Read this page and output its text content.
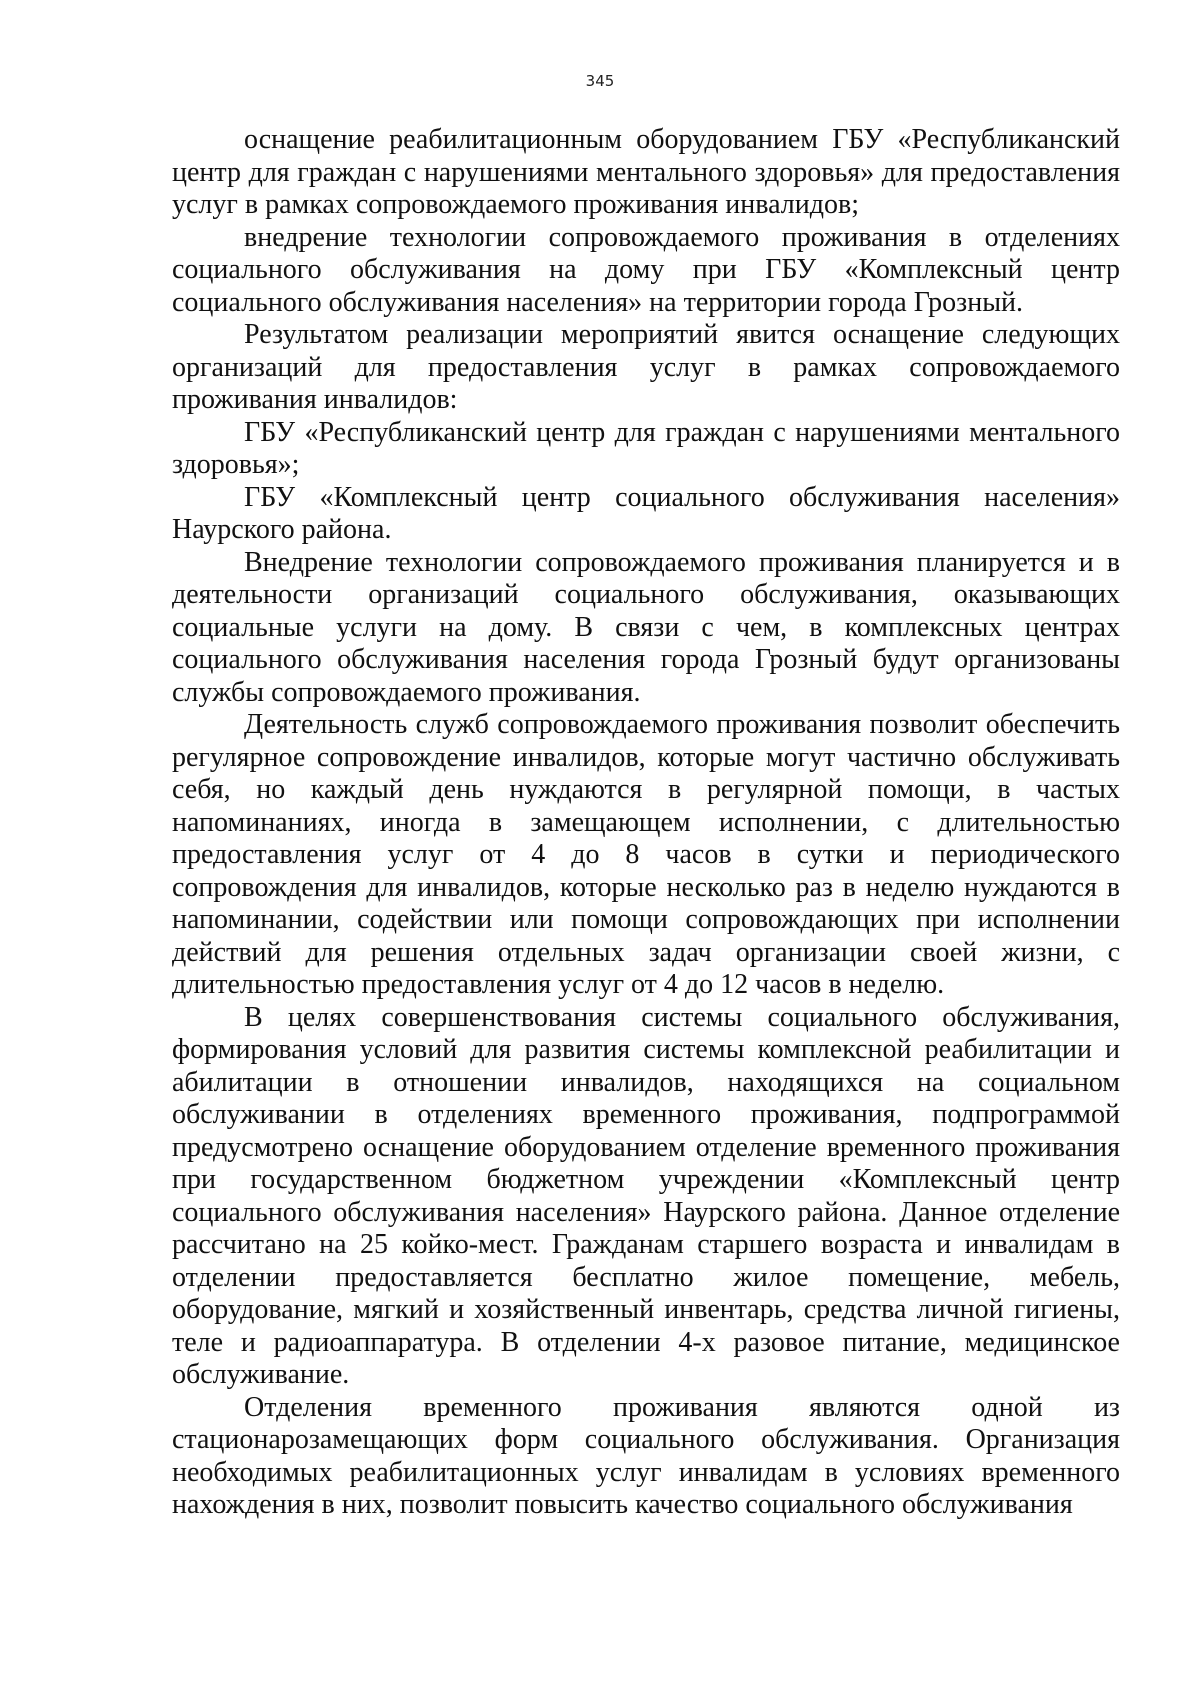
345

оснащение реабилитационным оборудованием ГБУ «Республиканский центр для граждан с нарушениями ментального здоровья» для предоставления услуг в рамках сопровождаемого проживания инвалидов;

внедрение технологии сопровождаемого проживания в отделениях социального обслуживания на дому при ГБУ «Комплексный центр социального обслуживания населения» на территории города Грозный.

Результатом реализации мероприятий явится оснащение следующих организаций для предоставления услуг в рамках сопровождаемого проживания инвалидов:

ГБУ «Республиканский центр для граждан с нарушениями ментального здоровья»;

ГБУ «Комплексный центр социального обслуживания населения» Наурского района.

Внедрение технологии сопровождаемого проживания планируется и в деятельности организаций социального обслуживания, оказывающих социальные услуги на дому. В связи с чем, в комплексных центрах социального обслуживания населения города Грозный будут организованы службы сопровождаемого проживания.

Деятельность служб сопровождаемого проживания позволит обеспечить регулярное сопровождение инвалидов, которые могут частично обслуживать себя, но каждый день нуждаются в регулярной помощи, в частых напоминаниях, иногда в замещающем исполнении, с длительностью предоставления услуг от 4 до 8 часов в сутки и периодического сопровождения для инвалидов, которые несколько раз в неделю нуждаются в напоминании, содействии или помощи сопровождающих при исполнении действий для решения отдельных задач организации своей жизни, с длительностью предоставления услуг от 4 до 12 часов в неделю.

В целях совершенствования системы социального обслуживания, формирования условий для развития системы комплексной реабилитации и абилитации в отношении инвалидов, находящихся на социальном обслуживании в отделениях временного проживания, подпрограммой предусмотрено оснащение оборудованием отделение временного проживания при государственном бюджетном учреждении «Комплексный центр социального обслуживания населения» Наурского района. Данное отделение рассчитано на 25 койко-мест. Гражданам старшего возраста и инвалидам в отделении предоставляется бесплатно жилое помещение, мебель, оборудование, мягкий и хозяйственный инвентарь, средства личной гигиены, теле и радиоаппаратура. В отделении 4-х разовое питание, медицинское обслуживание.

Отделения временного проживания являются одной из стационарозамещающих форм социального обслуживания. Организация необходимых реабилитационных услуг инвалидам в условиях временного нахождения в них, позволит повысить качество социального обслуживания
